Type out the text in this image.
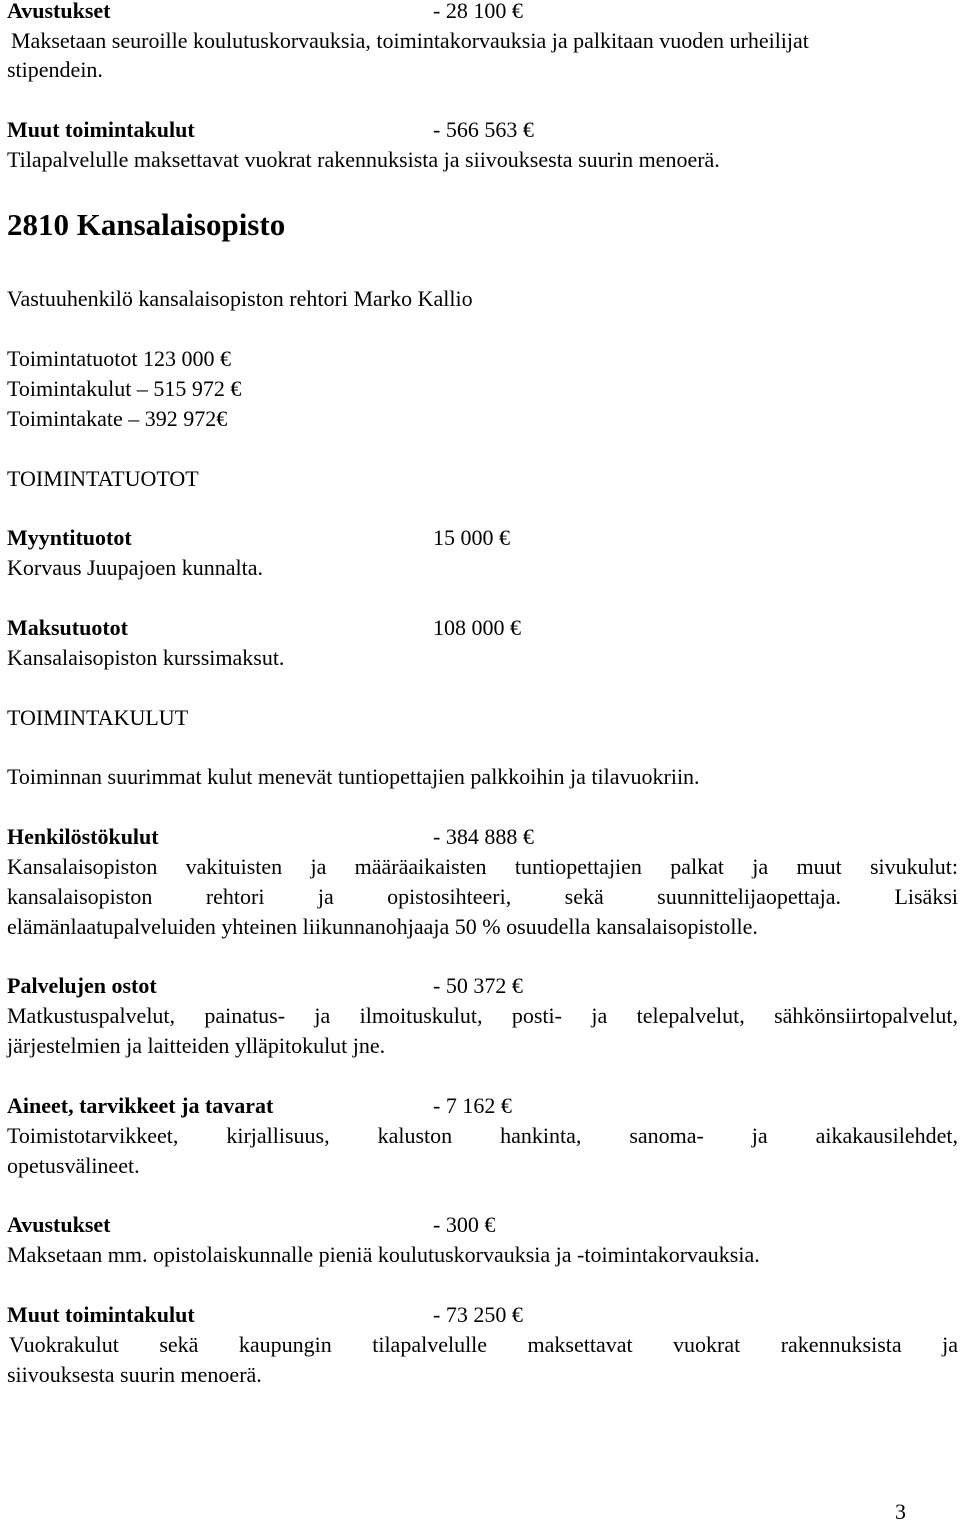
Avustukset	- 28 100 €
Maksetaan seuroille koulutuskorvauksia, toimintakorvauksia ja palkitaan vuoden urheilijat
stipendein.
Muut toimintakulut	- 566 563 €
Tilapalvelulle maksettavat vuokrat rakennuksista ja siivouksesta suurin menoerä.
2810 Kansalaisopisto
Vastuuhenkilö kansalaisopiston rehtori Marko Kallio
Toimintatuotot 123 000 €
Toimintakulut – 515 972 €
Toimintakate – 392 972€
TOIMINTATUOTOT
Myyntituotot	15 000 €
Korvaus Juupajoen kunnalta.
Maksutuotot	108 000 €
Kansalaisopiston kurssimaksut.
TOIMINTAKULUT
Toiminnan suurimmat kulut menevät tuntiopettajien palkkoihin ja tilavuokriin.
Henkilöstökulut	- 384 888 €
Kansalaisopiston vakituisten ja määräaikaisten tuntiopettajien palkat ja muut sivukulut:
kansalaisopiston rehtori ja opistosihteeri, sekä suunnittelijaopettaja. Lisäksi
elämänlaatupalveluiden yhteinen liikunnanohjaaja 50 % osuudella kansalaisopistolle.
Palvelujen ostot	- 50 372 €
Matkustuspalvelut, painatus- ja ilmoituskulut, posti- ja telepalvelut, sähkönsiirtopalvelut,
järjestelmien ja laitteiden ylläpitokulut jne.
Aineet, tarvikkeet ja tavarat	- 7 162 €
Toimistotarvikkeet, kirjallisuus, kaluston hankinta, sanoma- ja aikakausilehdet,
opetusvälineet.
Avustukset	- 300 €
Maksetaan mm. opistolaiskunnalle pieniä koulutuskorvauksia ja -toimintakorvauksia.
Muut toimintakulut	- 73 250 €
Vuokrakulut sekä kaupungin tilapalvelulle maksettavat vuokrat rakennuksista ja
siivouksesta suurin menoerä.
3
